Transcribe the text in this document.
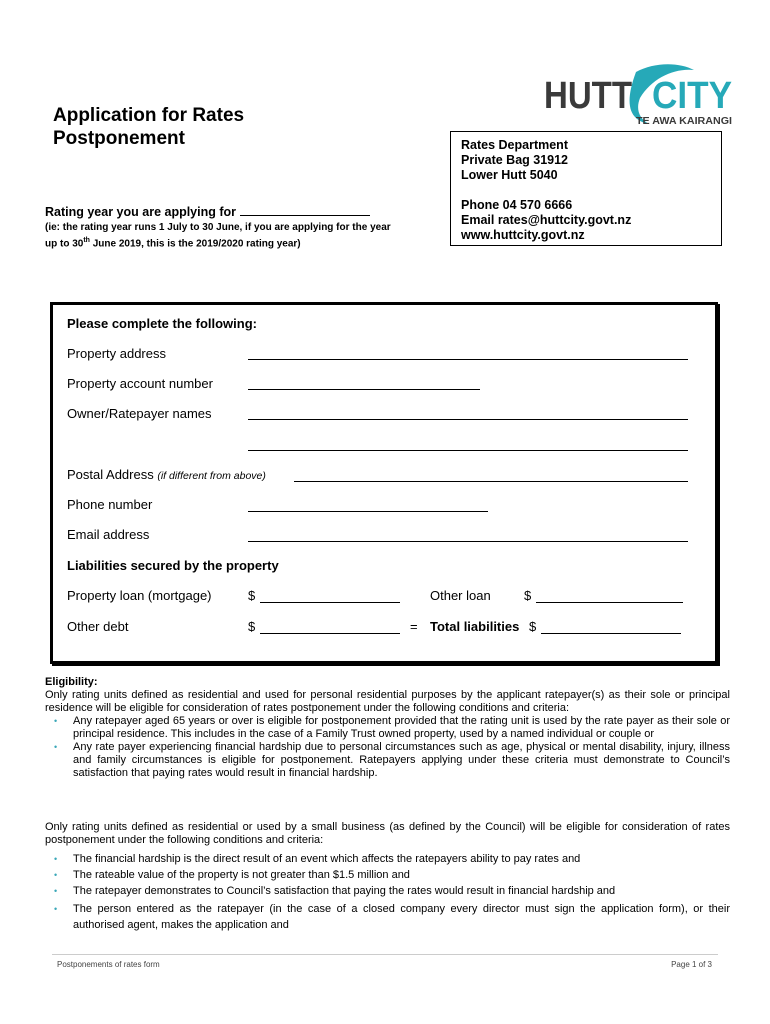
Application for Rates
Postponement
HUTT CITY
TE AWA KAIRANGI
Rates Department
Private Bag 31912
Lower Hutt 5040
Phone 04 570 6666
Email rates@huttcity.govt.nz
www.huttcity.govt.nz
Rating year you are applying for
(ie: the rating year runs 1 July to 30 June, if you are applying for the year up to 30th June 2019, this is the 2019/2020 rating year)
Please complete the following:
Property address
Property account number
Owner/Ratepayer names
Postal Address (if different from above)
Phone number
Email address
Liabilities secured by the property
Property loan (mortgage)	$	Other loan	$
Other debt	$	= Total liabilities $
Eligibility:

Only rating units defined as residential and used for personal residential purposes by the applicant ratepayer(s) as their sole or principal residence will be eligible for consideration of rates postponement under the following conditions and criteria:

• Any ratepayer aged 65 years or over is eligible for postponement provided that the rating unit is used by the rate payer as their sole or principal residence. This includes in the case of a Family Trust owned property, used by a named individual or couple or
• Any rate payer experiencing financial hardship due to personal circumstances such as age, physical or mental disability, injury, illness and family circumstances is eligible for postponement. Ratepayers applying under these criteria must demonstrate to Council’s satisfaction that paying rates would result in financial hardship.

Only rating units defined as residential or used by a small business (as defined by the Council) will be eligible for consideration of rates postponement under the following conditions and criteria:

• The financial hardship is the direct result of an event which affects the ratepayers ability to pay rates and
• The rateable value of the property is not greater than $1.5 million and
• The ratepayer demonstrates to Council’s satisfaction that paying the rates would result in financial hardship and
• The person entered as the ratepayer (in the case of a closed company every director must sign the application form), or their authorised agent, makes the application and
Postponements of rates form	Page 1 of 3
